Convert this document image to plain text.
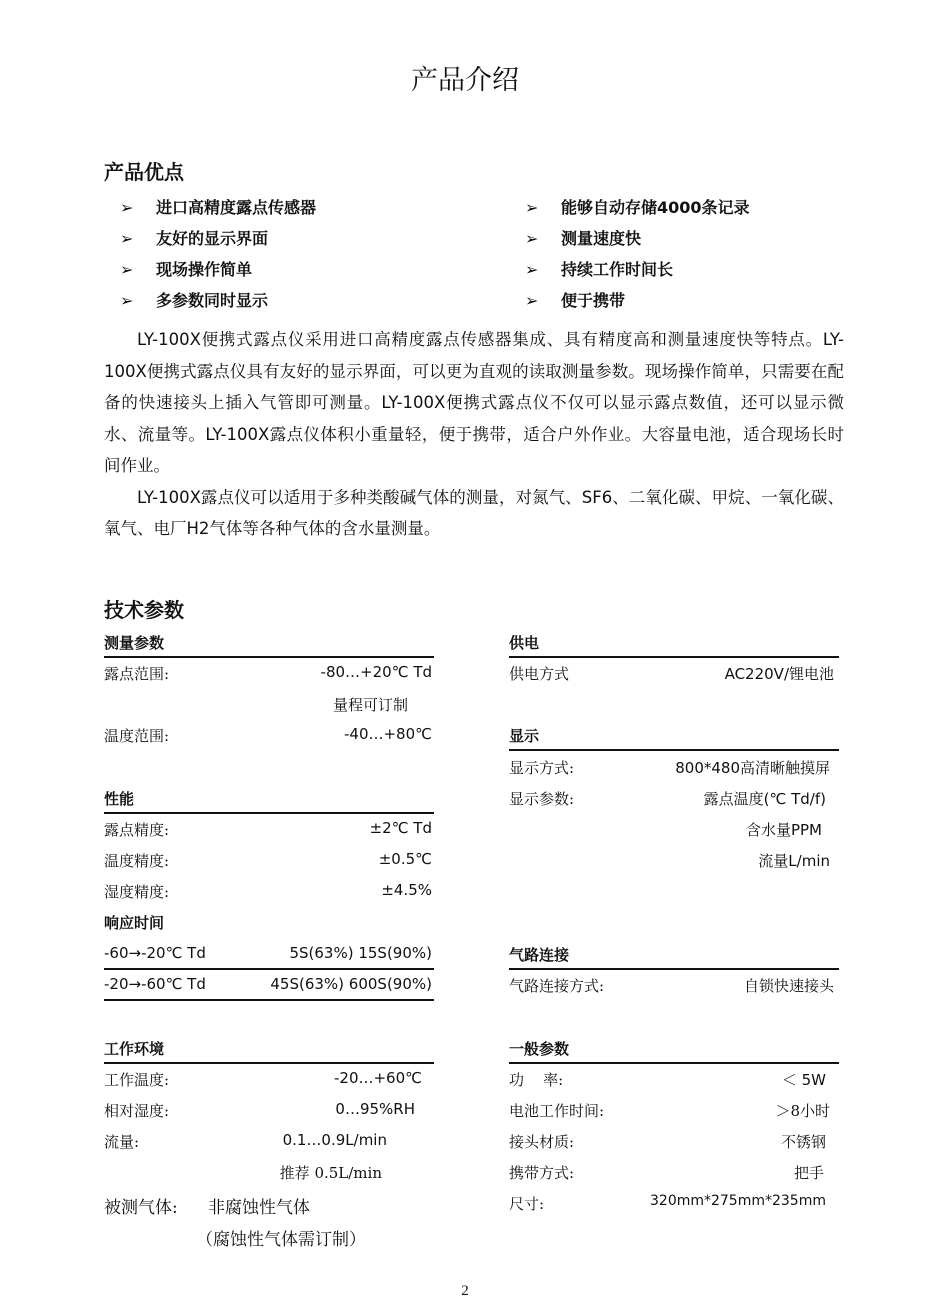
产品介绍
产品优点
➢ 进口高精度露点传感器
➢ 友好的显示界面
➢ 现场操作简单
➢ 多参数同时显示
➢ 能够自动存储4000条记录
➢ 测量速度快
➢ 持续工作时间长
➢ 便于携带

LY-100X便携式露点仪采用进口高精度露点传感器集成、具有精度高和测量速度快等特点。LY-100X便携式露点仪具有友好的显示界面，可以更为直观的读取测量参数。现场操作简单，只需要在配备的快速接头上插入气管即可测量。LY-100X便携式露点仪不仅可以显示露点数值，还可以显示微水、流量等。LY-100X露点仪体积小重量轻，便于携带，适合户外作业。大容量电池，适合现场长时间作业。

LY-100X露点仪可以适用于多种类酸碱气体的测量，对氮气、SF6、二氧化碳、甲烷、一氧化碳、氧气、电厂H2气体等各种气体的含水量测量。

技术参数
测量参数
露点范围:	-80…+20℃ Td
量程可订制
温度范围:	-40…+80℃
性能
露点精度:	±2℃ Td
温度精度:	±0.5℃
湿度精度:	±4.5%
响应时间
-60→-20℃ Td	5S(63%) 15S(90%)
-20→-60℃ Td	45S(63%) 600S(90%)
工作环境
工作温度:	-20…+60℃
相对湿度:	0…95%RH
流量:	0.1…0.9L/min
推荐 0.5L/min
被测气体: 非腐蚀性气体
（腐蚀性气体需订制）
供电
供电方式	AC220V/锂电池
显示
显示方式:	800*480高清晰触摸屏
显示参数:	露点温度(℃ Td/f)
含水量PPM
流量L/min
气路连接
气路连接方式:	自锁快速接头
一般参数
功    率:	＜ 5W
电池工作时间:	＞8小时
接头材质:	不锈钢
携带方式:	把手
尺寸:	320mm*275mm*235mm
2
